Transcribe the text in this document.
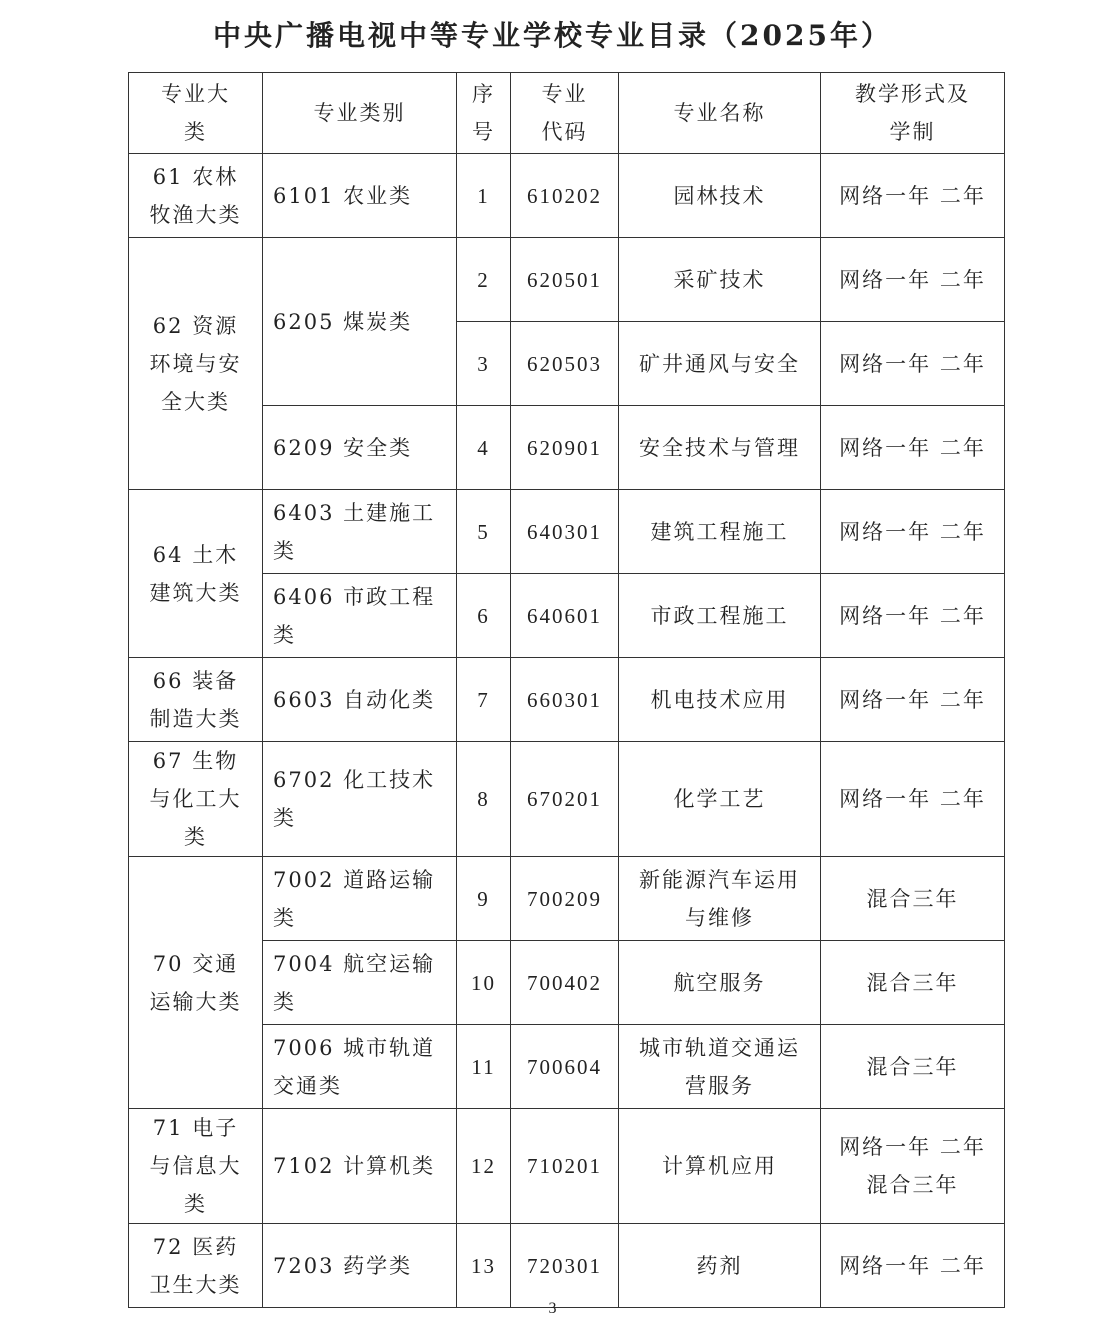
中央广播电视中等专业学校专业目录（2025年）
专业大类	专业类别	序号	专业代码	专业名称	教学形式及学制
61 农林牧渔大类	6101 农业类	1	610202	园林技术	网络一年 二年
62 资源环境与安全大类	6205 煤炭类	2	620501	采矿技术	网络一年 二年
		3	620503	矿井通风与安全	网络一年 二年
	6209 安全类	4	620901	安全技术与管理	网络一年 二年
64 土木建筑大类	6403 土建施工类	5	640301	建筑工程施工	网络一年 二年
	6406 市政工程类	6	640601	市政工程施工	网络一年 二年
66 装备制造大类	6603 自动化类	7	660301	机电技术应用	网络一年 二年
67 生物与化工大类	6702 化工技术类	8	670201	化学工艺	网络一年 二年
70 交通运输大类	7002 道路运输类	9	700209	新能源汽车运用与维修	混合三年
	7004 航空运输类	10	700402	航空服务	混合三年
	7006 城市轨道交通类	11	700604	城市轨道交通运营服务	混合三年
71 电子与信息大类	7102 计算机类	12	710201	计算机应用	网络一年 二年
混合三年
72 医药卫生大类	7203 药学类	13	720301	药剂	网络一年 二年
3
